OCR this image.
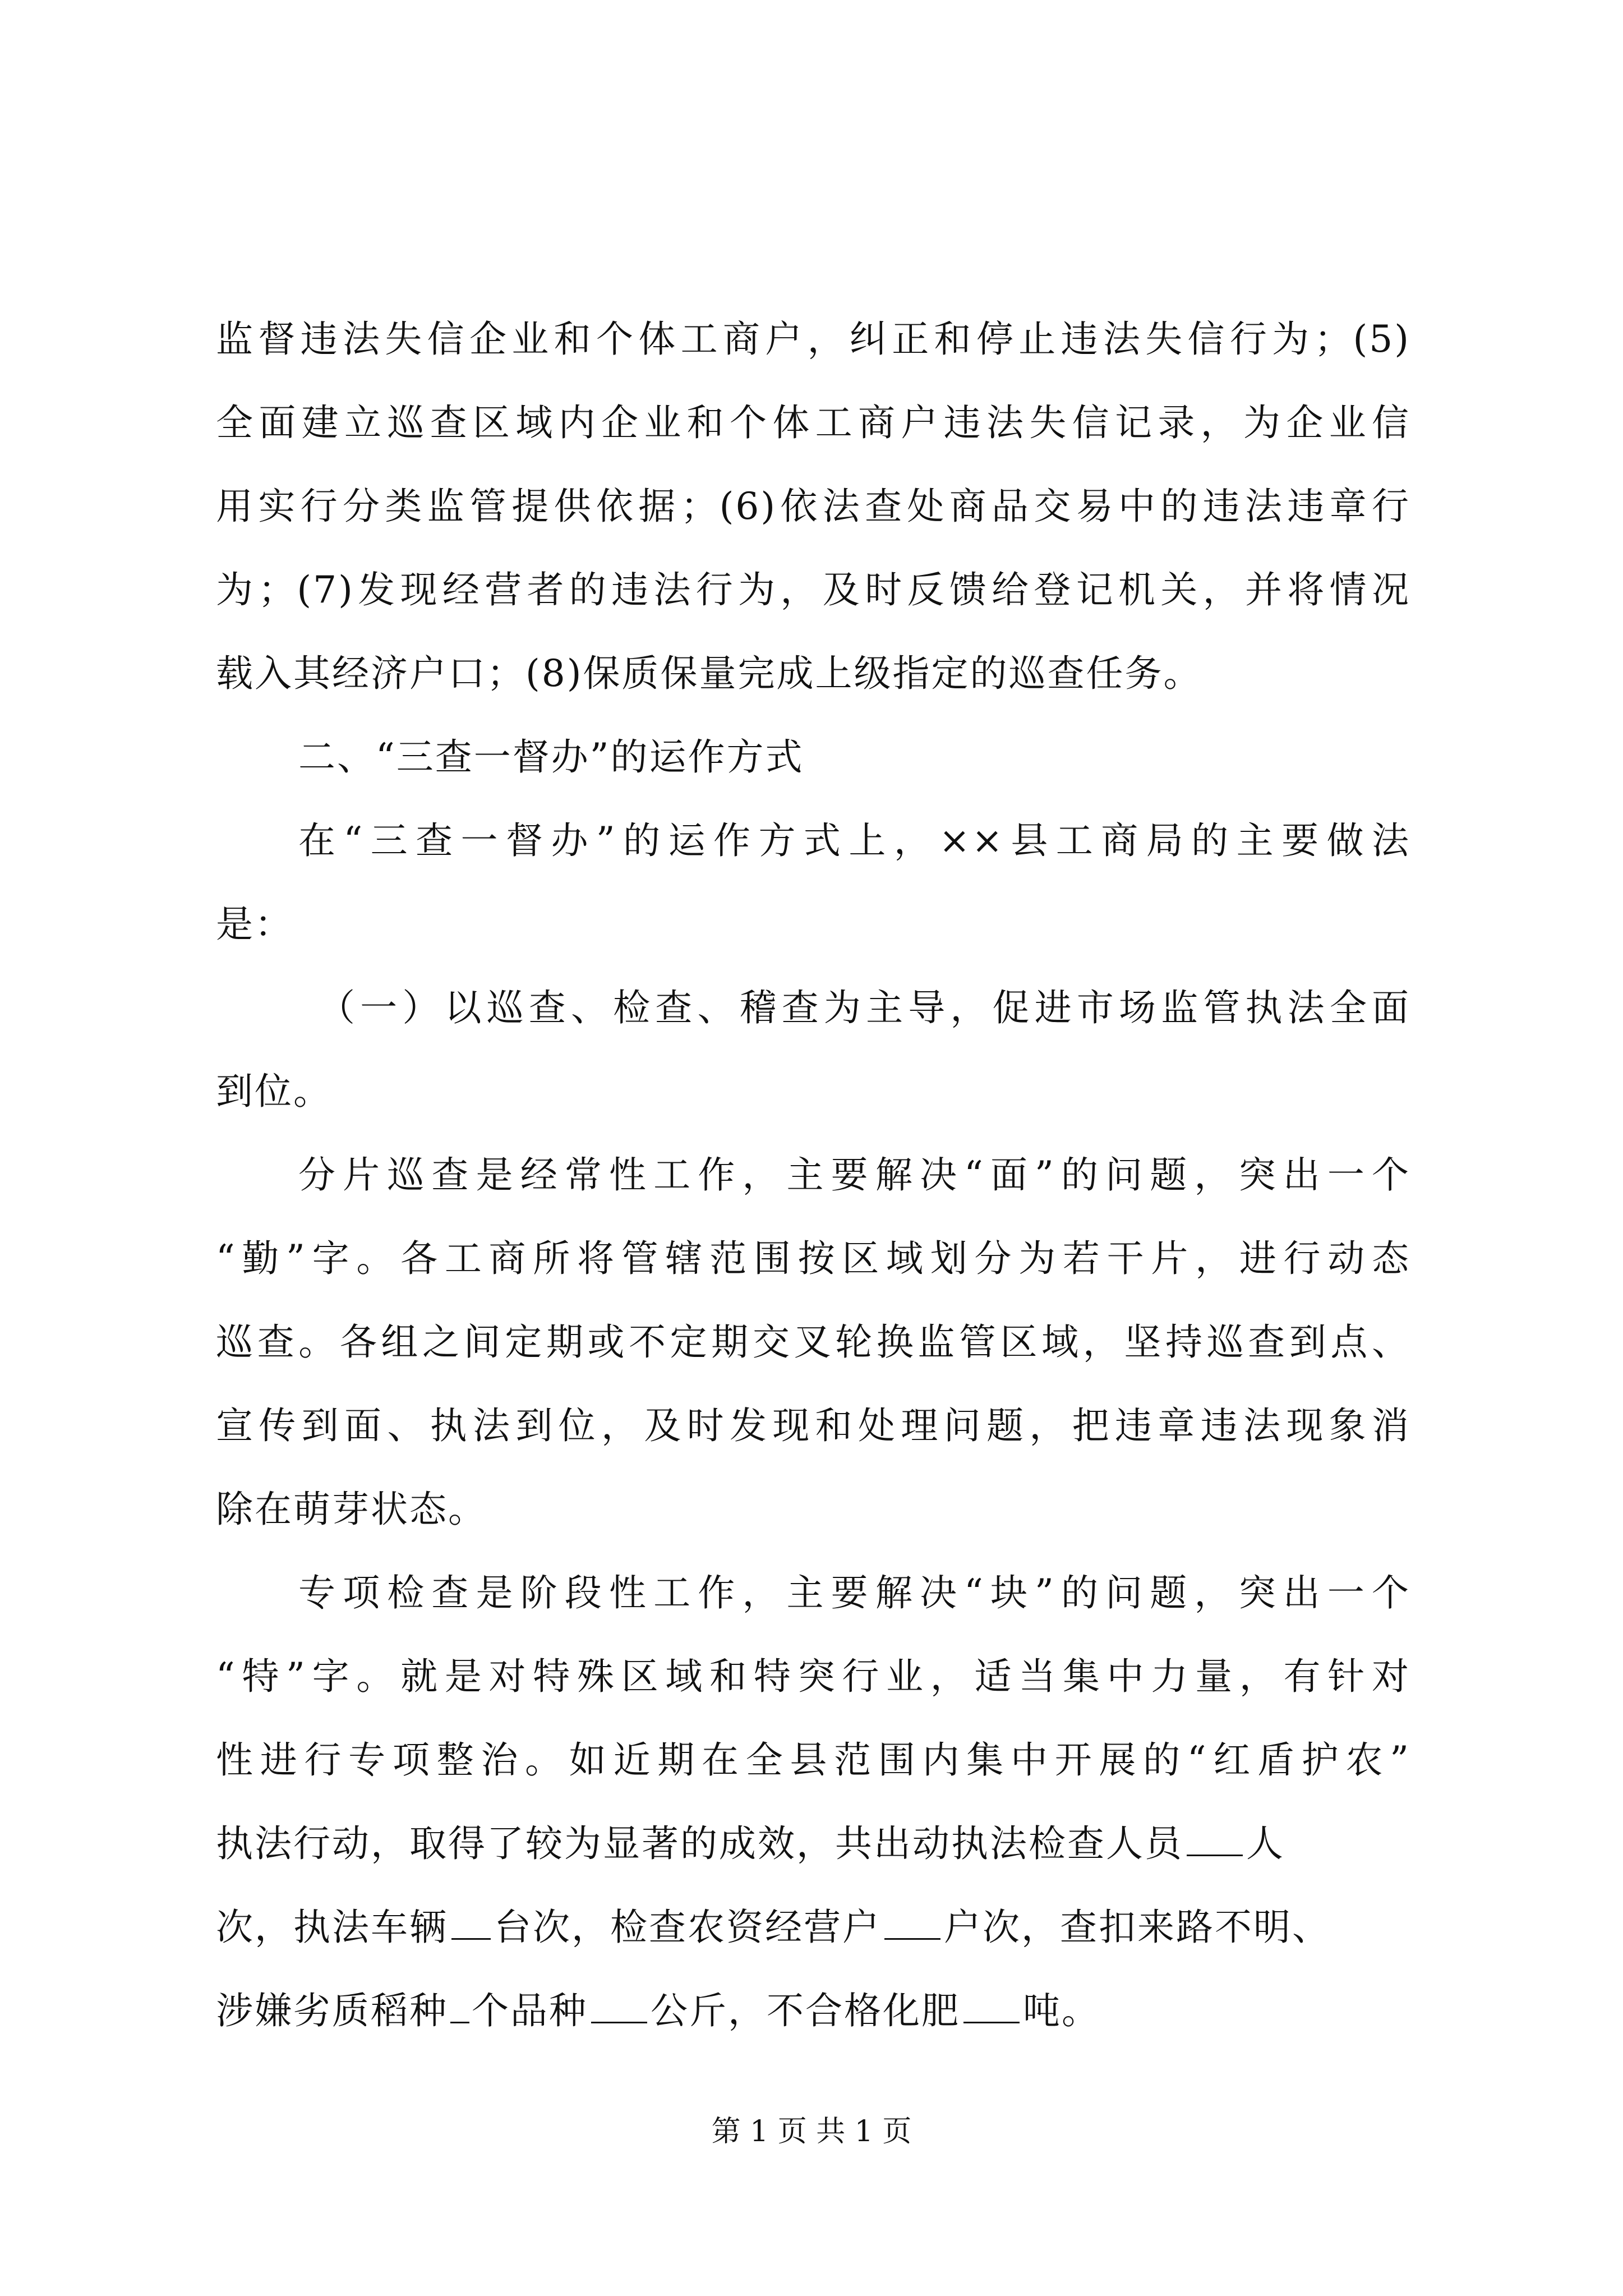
监督违法失信企业和个体工商户，纠正和停止违法失信行为；(5)
全面建立巡查区域内企业和个体工商户违法失信记录，为企业信
用实行分类监管提供依据；(6)依法查处商品交易中的违法违章行
为；(7)发现经营者的违法行为，及时反馈给登记机关，并将情况
载入其经济户口；(8)保质保量完成上级指定的巡查任务。
二、“三查一督办”的运作方式
在“三查一督办”的运作方式上，××县工商局的主要做法
是：
（一）以巡查、检查、稽查为主导，促进市场监管执法全面
到位。
分片巡查是经常性工作，主要解决“面”的问题，突出一个
“勤”字。各工商所将管辖范围按区域划分为若干片，进行动态
巡查。各组之间定期或不定期交叉轮换监管区域，坚持巡查到点、
宣传到面、执法到位，及时发现和处理问题，把违章违法现象消
除在萌芽状态。
专项检查是阶段性工作，主要解决“块”的问题，突出一个
“特”字。就是对特殊区域和特突行业，适当集中力量，有针对
性进行专项整治。如近期在全县范围内集中开展的“红盾护农”
执法行动，取得了较为显著的成效，共出动执法检查人员 人
次，执法车辆 台次，检查农资经营户 户次，查扣来路不明、
涉嫌劣质稻种 个品种 公斤，不合格化肥 吨。
第 1 页 共 1 页
